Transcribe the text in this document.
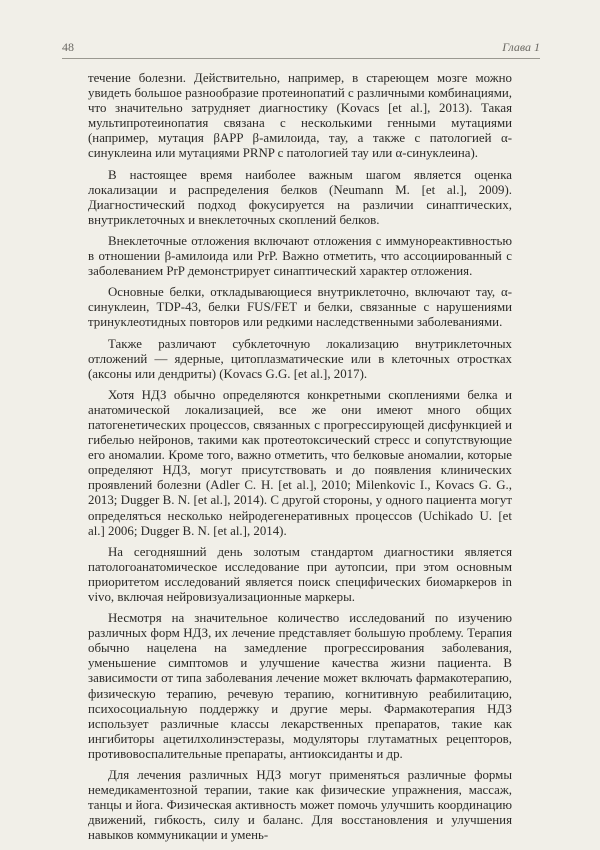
48	Глава 1

течение болезни. Действительно, например, в стареющем мозге можно увидеть большое разнообразие протеинопатий с различными комбинациями, что значительно затрудняет диагностику (Kovacs [et al.], 2013). Такая мультипротеинопатия связана с несколькими генными мутациями (например, мутация βAPP β-амилоида, тау, а также с патологией α-синуклеина или мутациями PRNP с патологией тау или α-синуклеина).

В настоящее время наиболее важным шагом является оценка локализации и распределения белков (Neumann M. [et al.], 2009). Диагностический подход фокусируется на различии синаптических, внутриклеточных и внеклеточных скоплений белков.

Внеклеточные отложения включают отложения с иммунореактивностью в отношении β-амилоида или PrP. Важно отметить, что ассоциированный с заболеванием PrP демонстрирует синаптический характер отложения.

Основные белки, откладывающиеся внутриклеточно, включают тау, α-синуклеин, TDP-43, белки FUS/FET и белки, связанные с нарушениями тринуклеотидных повторов или редкими наследственными заболеваниями.

Также различают субклеточную локализацию внутриклеточных отложений — ядерные, цитоплазматические или в клеточных отростках (аксоны или дендриты) (Kovacs G.G. [et al.], 2017).

Хотя НДЗ обычно определяются конкретными скоплениями белка и анатомической локализацией, все же они имеют много общих патогенетических процессов, связанных с прогрессирующей дисфункцией и гибелью нейронов, такими как протеотоксический стресс и сопутствующие его аномалии. Кроме того, важно отметить, что белковые аномалии, которые определяют НДЗ, могут присутствовать и до появления клинических проявлений болезни (Adler C. H. [et al.], 2010; Milenkovic I., Kovacs G. G., 2013; Dugger B. N. [et al.], 2014). С другой стороны, у одного пациента могут определяться несколько нейродегенеративных процессов (Uchikado U. [et al.] 2006; Dugger B. N. [et al.], 2014).

На сегодняшний день золотым стандартом диагностики является патологоанатомическое исследование при аутопсии, при этом основным приоритетом исследований является поиск специфических биомаркеров in vivo, включая нейровизуализационные маркеры.

Несмотря на значительное количество исследований по изучению различных форм НДЗ, их лечение представляет большую проблему. Терапия обычно нацелена на замедление прогрессирования заболевания, уменьшение симптомов и улучшение качества жизни пациента. В зависимости от типа заболевания лечение может включать фармакотерапию, физическую терапию, речевую терапию, когнитивную реабилитацию, психосоциальную поддержку и другие меры. Фармакотерапия НДЗ использует различные классы лекарственных препаратов, такие как ингибиторы ацетилхолинэстеразы, модуляторы глутаматных рецепторов, противовоспалительные препараты, антиоксиданты и др.

Для лечения различных НДЗ могут применяться различные формы немедикаментозной терапии, такие как физические упражнения, массаж, танцы и йога. Физическая активность может помочь улучшить координацию движений, гибкость, силу и баланс. Для восстановления и улучшения навыков коммуникации и умень-
